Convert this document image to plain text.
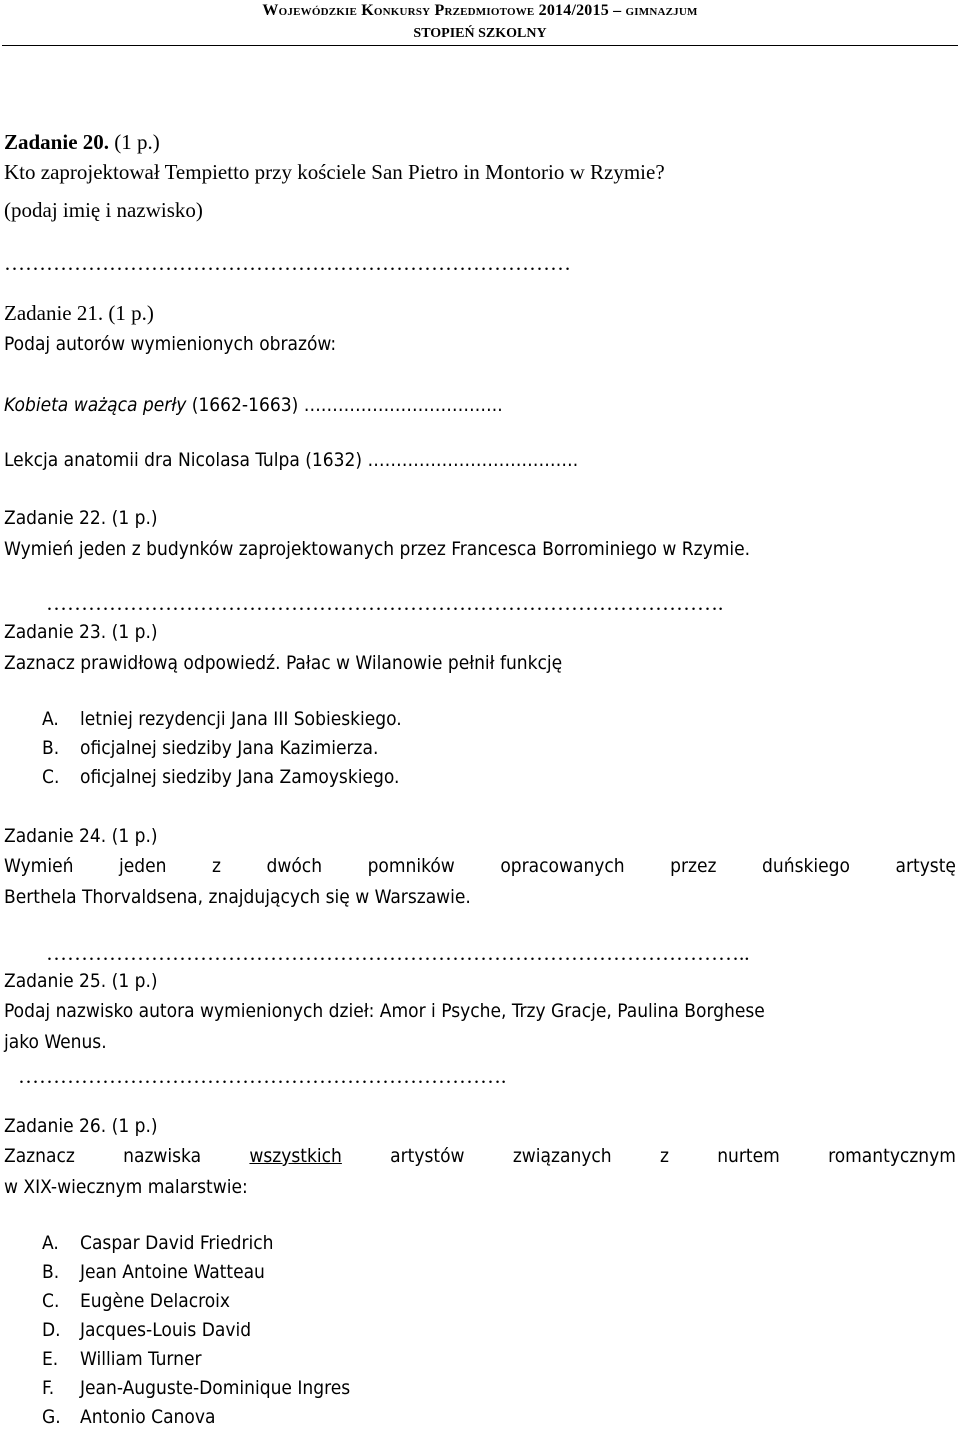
Wojewódzkie Konkursy Przedmiotowe 2014/2015 – gimnazjum
STOPIEŃ SZKOLNY
Zadanie 20. (1 p.)
Kto zaprojektował Tempietto przy kościele San Pietro in Montorio w Rzymie?
(podaj imię i nazwisko)
………………………………………………………………………
Zadanie 21. (1 p.)
Podaj autorów wymienionych obrazów:
Kobieta ważąca perły (1662-1663) ……………………………..
Lekcja anatomii dra Nicolasa Tulpa (1632) ……………………………….
Zadanie 22. (1 p.)
Wymień jeden z budynków zaprojektowanych przez Francesca Borrominiego w Rzymie.
…………………………………………………………………………………….
Zadanie 23. (1 p.)
Zaznacz prawidłową odpowiedź. Pałac w Wilanowie pełnił funkcję
A. letniej rezydencji Jana III Sobieskiego.
B. oficjalnej siedziby Jana Kazimierza.
C. oficjalnej siedziby Jana Zamoyskiego.
Zadanie 24. (1 p.)
Wymień jeden z dwóch pomników opracowanych przez duńskiego artystę
Berthela Thorvaldsena, znajdujących się w Warszawie.
………………………………………………………………………………………..
Zadanie 25. (1 p.)
Podaj nazwisko autora wymienionych dzieł: Amor i Psyche, Trzy Gracje, Paulina Borghese
jako Wenus.
…………………………………………………………….
Zadanie 26. (1 p.)
Zaznacz	nazwiska	wszystkich	artystów	związanych	z	nurtem	romantycznym
w XIX-wiecznym malarstwie:
A. Caspar David Friedrich
B. Jean Antoine Watteau
C. Eugène Delacroix
D. Jacques-Louis David
E. William Turner
F. Jean-Auguste-Dominique Ingres
G. Antonio Canova
